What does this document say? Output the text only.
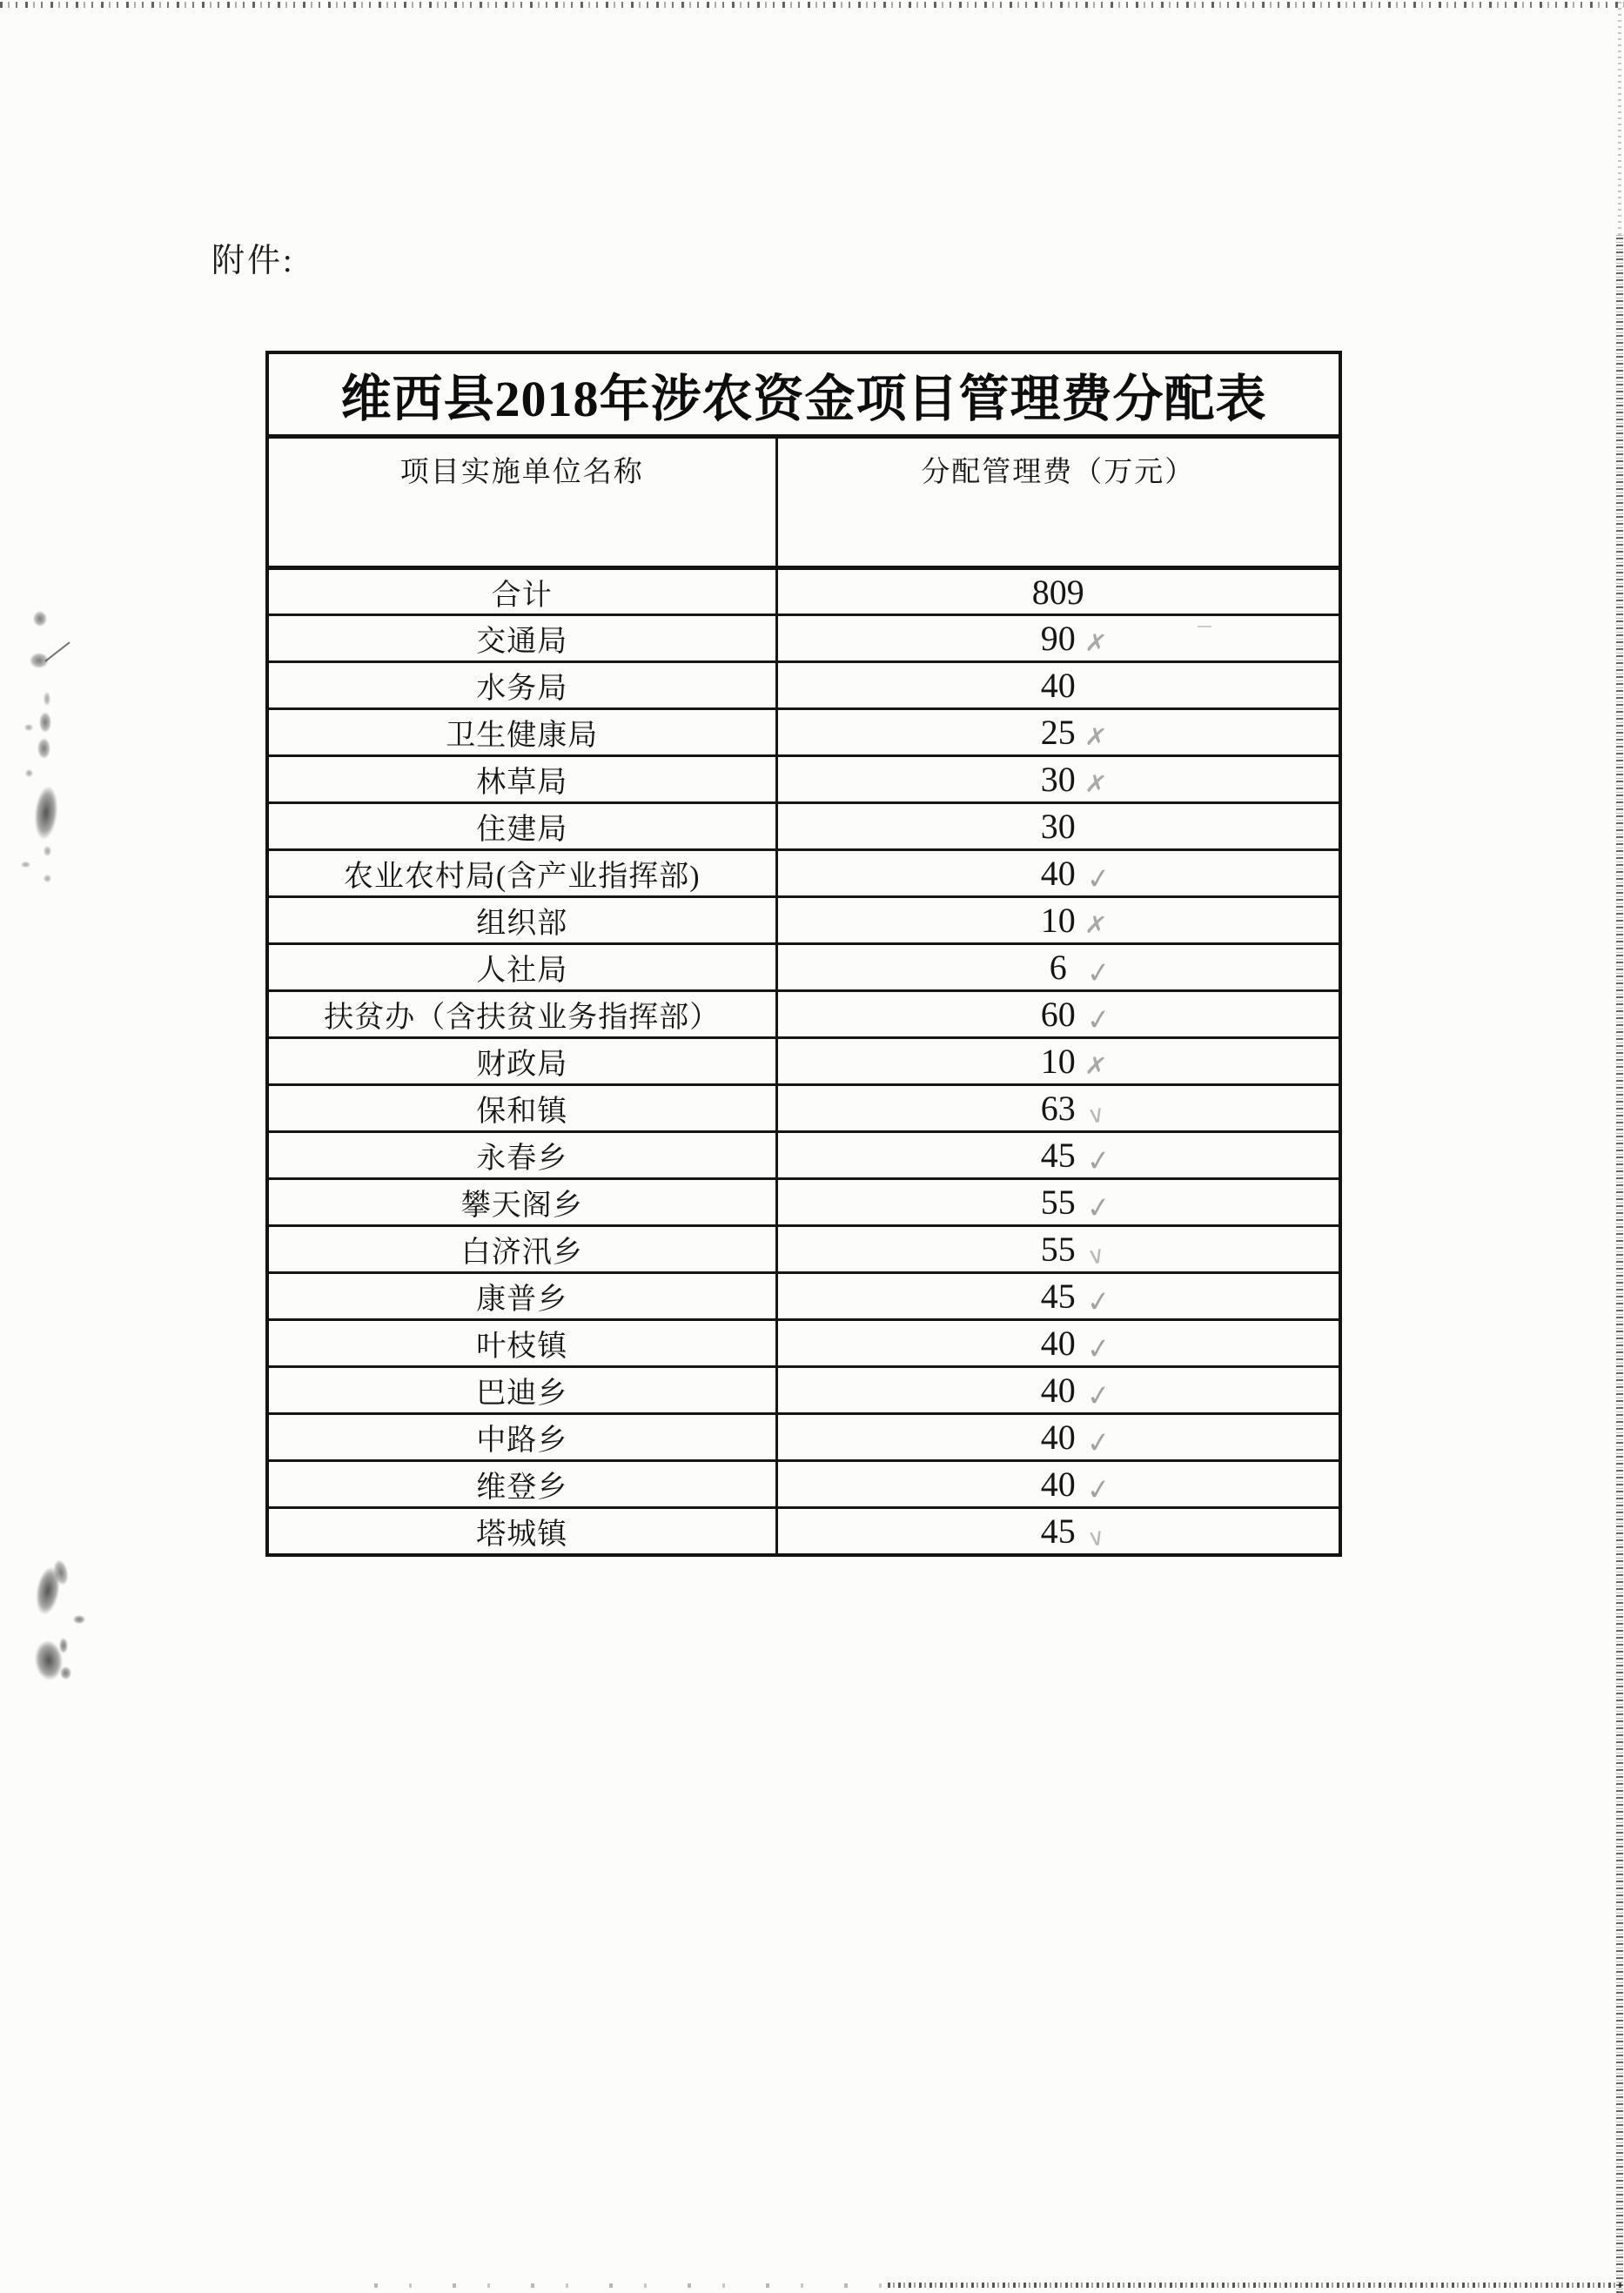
附件:
维西县2018年涉农资金项目管理费分配表	
项目实施单位名称	分配管理费（万元）
合计	809
交通局	90 ✗

水务局	40
卫生健康局	25 ✗

林草局	30 ✗

住建局	30
农业农村局(含产业指挥部)	40 ✓

组织部	10 ✗

人社局	6 ✓

扶贫办（含扶贫业务指挥部）	60 ✓

财政局	10 ✗

保和镇	63 ∨

永春乡	45 ✓

攀天阁乡	55 ✓

白济汛乡	55 ∨

康普乡	45 ✓

叶枝镇	40 ✓

巴迪乡	40 ✓

中路乡	40 ✓

维登乡	40 ✓

塔城镇	45 ∨
